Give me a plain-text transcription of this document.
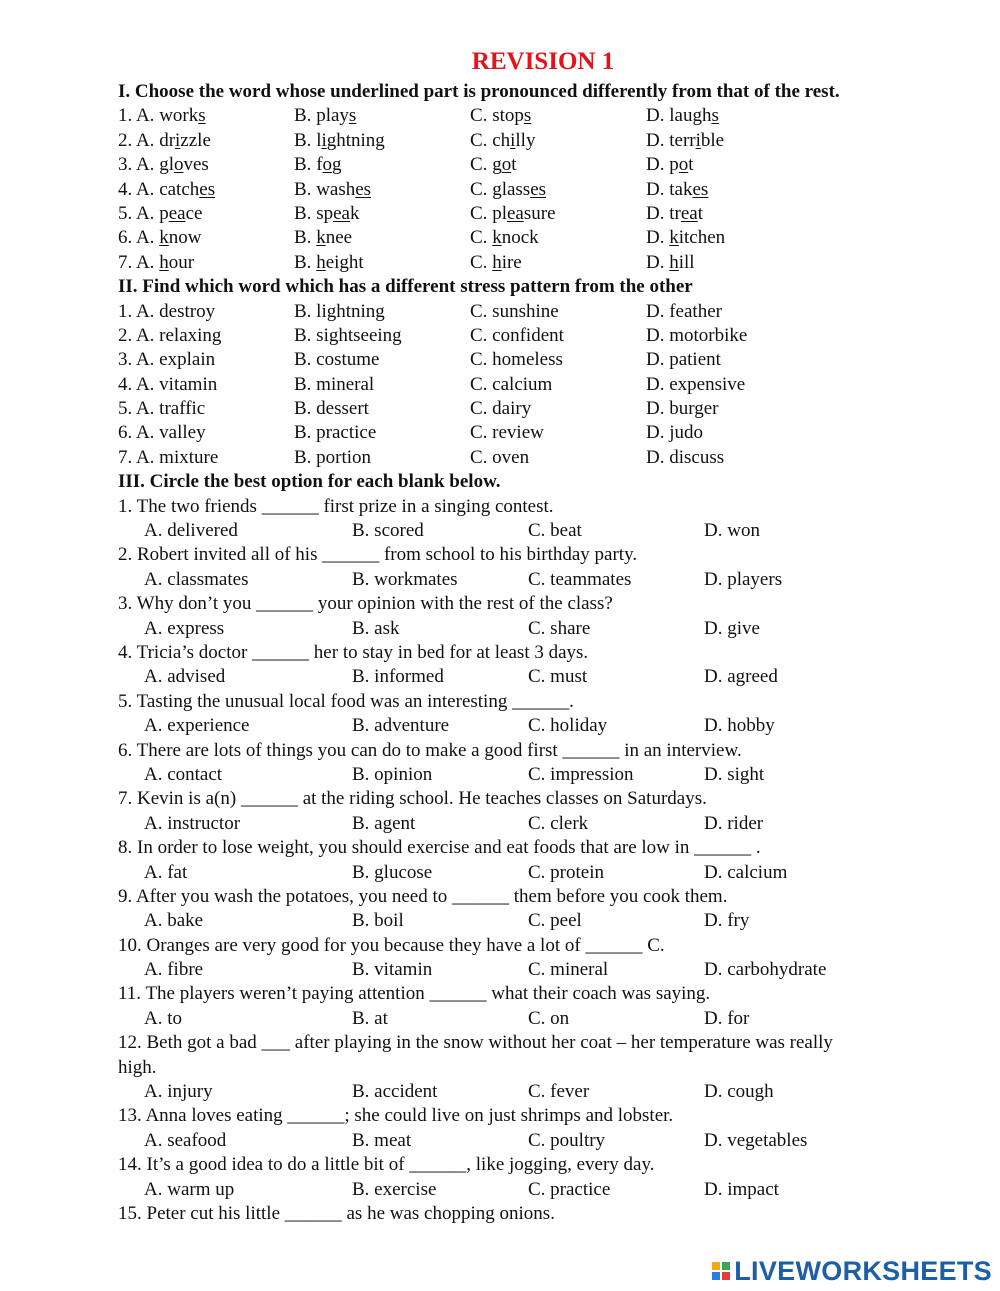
REVISION 1
I. Choose the word whose underlined part is pronounced differently from that of the rest.
1. A. works	B. plays	C. stops	D. laughs
2. A. drizzle	B. lightning	C. chilly	D. terrible
3. A. gloves	B. fog	C. got	D. pot
4. A. catches	B. washes	C. glasses	D. takes
5. A. peace	B. speak	C. pleasure	D. treat
6. A. know	B. knee	C. knock	D. kitchen
7. A. hour	B. height	C. hire	D. hill
II. Find which word which has a different stress pattern from the other
1. A. destroy	B. lightning	C. sunshine	D. feather
2. A. relaxing	B. sightseeing	C. confident	D. motorbike
3. A. explain	B. costume	C. homeless	D. patient
4. A. vitamin	B. mineral	C. calcium	D. expensive
5. A. traffic	B. dessert	C. dairy	D. burger
6. A. valley	B. practice	C. review	D. judo
7. A. mixture	B. portion	C. oven	D. discuss
III. Circle the best option for each blank below.
1. The two friends ______ first prize in a singing contest.
A. delivered	B. scored	C. beat	D. won
2. Robert invited all of his ______ from school to his birthday party.
A. classmates	B. workmates	C. teammates	D. players
3. Why don’t you ______ your opinion with the rest of the class?
A. express	B. ask	C. share	D. give
4. Tricia’s doctor ______ her to stay in bed for at least 3 days.
A. advised	B. informed	C. must	D. agreed
5. Tasting the unusual local food was an interesting ______.
A. experience	B. adventure	C. holiday	D. hobby
6. There are lots of things you can do to make a good first ______ in an interview.
A. contact	B. opinion	C. impression	D. sight
7. Kevin is a(n) ______ at the riding school. He teaches classes on Saturdays.
A. instructor	B. agent	C. clerk	D. rider
8. In order to lose weight, you should exercise and eat foods that are low in ______ .
A. fat	B. glucose	C. protein	D. calcium
9. After you wash the potatoes, you need to ______ them before you cook them.
A. bake	B. boil	C. peel	D. fry
10. Oranges are very good for you because they have a lot of ______ C.
A. fibre	B. vitamin	C. mineral	D. carbohydrate
11. The players weren’t paying attention ______ what their coach was saying.
A. to	B. at	C. on	D. for
12. Beth got a bad ___ after playing in the snow without her coat – her temperature was really high.
A. injury	B. accident	C. fever	D. cough
13. Anna loves eating ______; she could live on just shrimps and lobster.
A. seafood	B. meat	C. poultry	D. vegetables
14. It’s a good idea to do a little bit of ______, like jogging, every day.
A. warm up	B. exercise	C. practice	D. impact
15. Peter cut his little ______ as he was chopping onions.
LIVEWORKSHEETS
